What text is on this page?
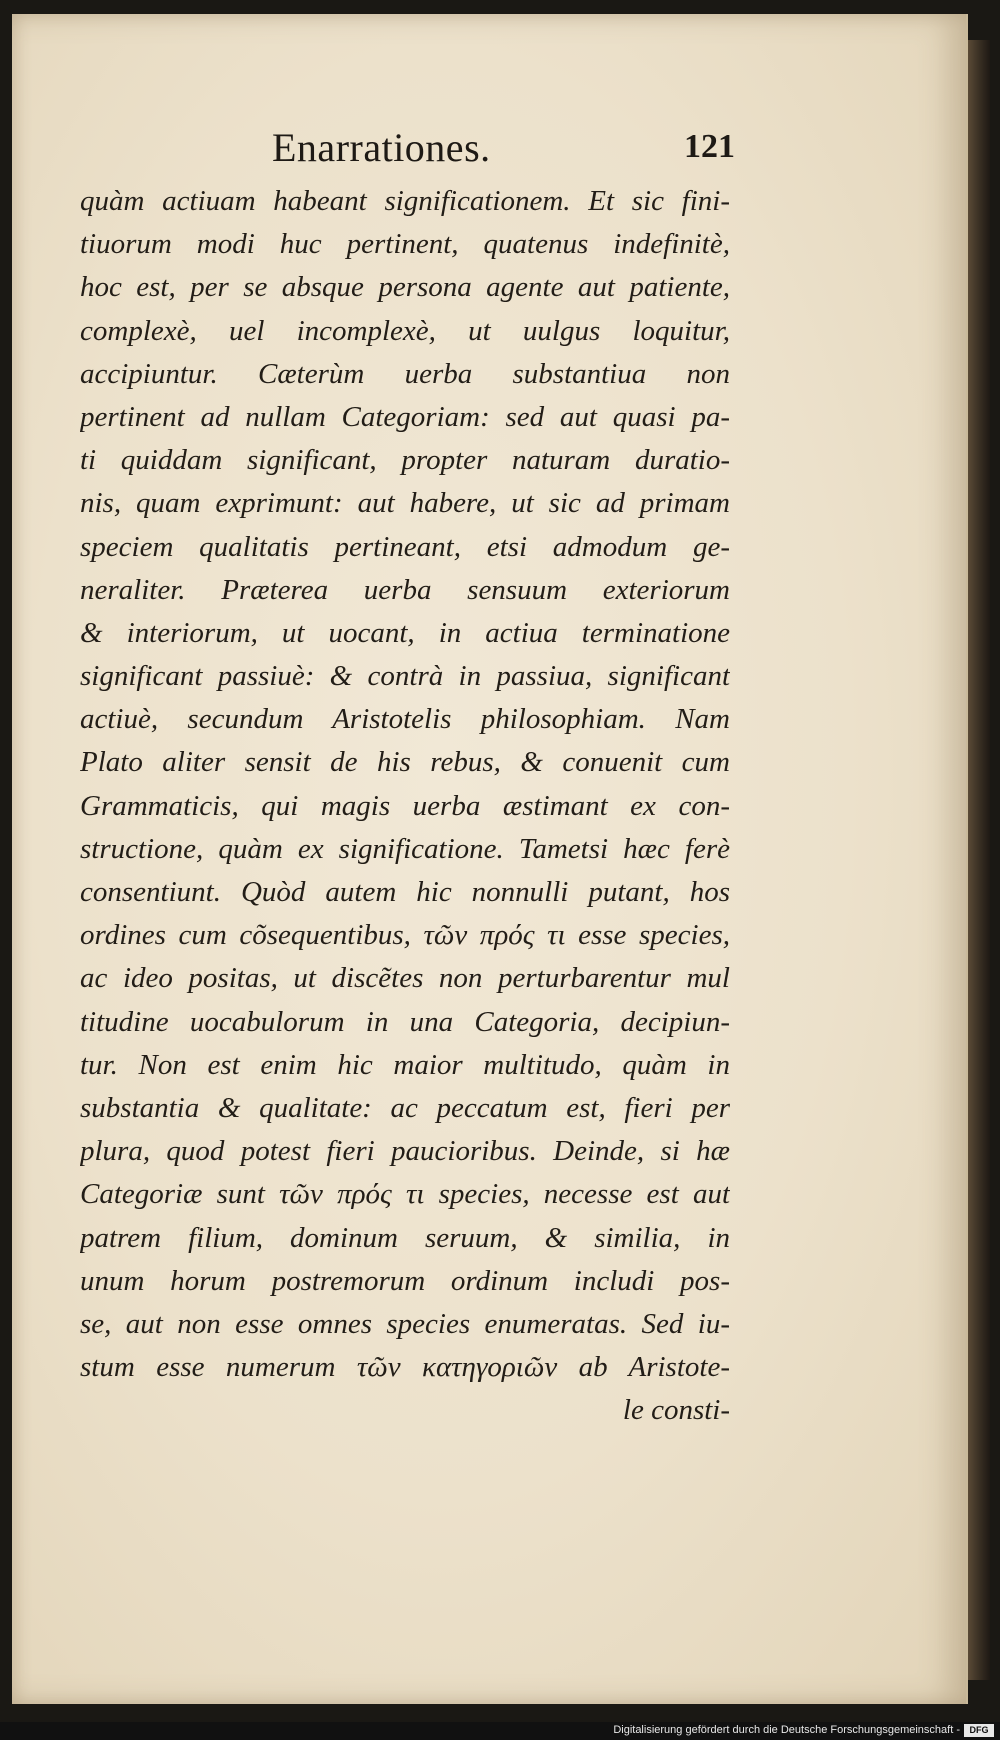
Enarrationes.	121
quàm actiuam habeant significationem. Et sic fini-
tiuorum modi huc pertinent, quatenus indefinitè,
hoc est, per se absque persona agente aut patiente,
complexè, uel incomplexè, ut uulgus loquitur,
accipiuntur. Cæterùm uerba substantiua non
pertinent ad nullam Categoriam: sed aut quasi pa-
ti quiddam significant, propter naturam duratio-
nis, quam exprimunt: aut habere, ut sic ad primam
speciem qualitatis pertineant, etsi admodum ge-
neraliter. Præterea uerba sensuum exteriorum
& interiorum, ut uocant, in actiua terminatione
significant passiuè: & contrà in passiua, significant
actiuè, secundum Aristotelis philosophiam. Nam
Plato aliter sensit de his rebus, & conuenit cum
Grammaticis, qui magis uerba æstimant ex con-
structione, quàm ex significatione. Tametsi hæc ferè
consentiunt. Quòd autem hic nonnulli putant, hos
ordines cum cõsequentibus, τῶν πρός τι esse species,
ac ideo positas, ut discẽtes non perturbarentur mul
titudine uocabulorum in una Categoria, decipiun-
tur. Non est enim hic maior multitudo, quàm in
substantia & qualitate: ac peccatum est, fieri per
plura, quod potest fieri paucioribus. Deinde, si hæ
Categoriæ sunt τῶν πρός τι species, necesse est aut
patrem filium, dominum seruum, & similia, in
unum horum postremorum ordinum includi pos-
se, aut non esse omnes species enumeratas. Sed iu-
stum esse numerum τῶν κατηγοριῶν ab Aristote-
le consti-
Digitalisierung gefördert durch die Deutsche Forschungsgemeinschaft -	DFG
